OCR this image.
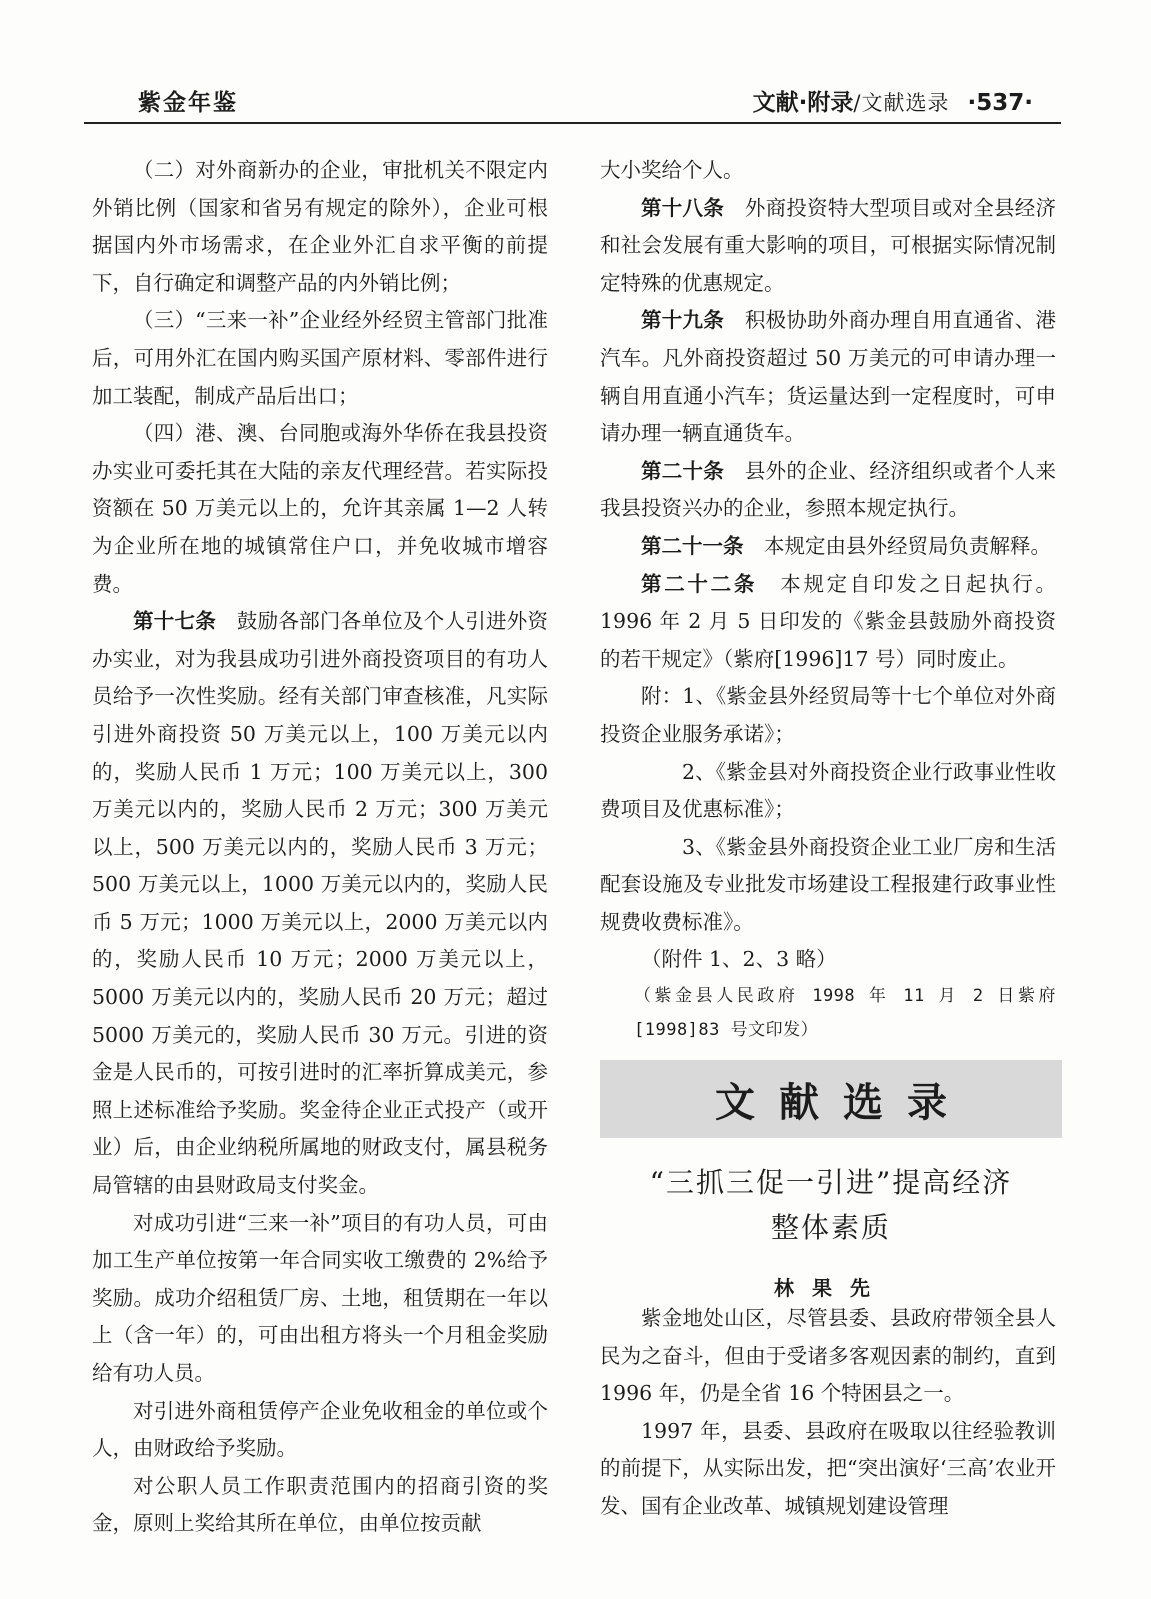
紫金年鉴	文献·附录/文献选录 ·537·

（二）对外商新办的企业，审批机关不限定内外销比例（国家和省另有规定的除外），企业可根据国内外市场需求，在企业外汇自求平衡的前提下，自行确定和调整产品的内外销比例；

（三）“三来一补”企业经外经贸主管部门批准后，可用外汇在国内购买国产原材料、零部件进行加工装配，制成产品后出口；

（四）港、澳、台同胞或海外华侨在我县投资办实业可委托其在大陆的亲友代理经营。若实际投资额在 50 万美元以上的，允许其亲属 1—2 人转为企业所在地的城镇常住户口，并免收城市增容费。

第十七条　鼓励各部门各单位及个人引进外资办实业，对为我县成功引进外商投资项目的有功人员给予一次性奖励。经有关部门审查核准，凡实际引进外商投资 50 万美元以上，100 万美元以内的，奖励人民币 1 万元；100 万美元以上，300 万美元以内的，奖励人民币 2 万元；300 万美元以上，500 万美元以内的，奖励人民币 3 万元；500 万美元以上，1000 万美元以内的，奖励人民币 5 万元；1000 万美元以上，2000 万美元以内的，奖励人民币 10 万元；2000 万美元以上，5000 万美元以内的，奖励人民币 20 万元；超过 5000 万美元的，奖励人民币 30 万元。引进的资金是人民币的，可按引进时的汇率折算成美元，参照上述标准给予奖励。奖金待企业正式投产（或开业）后，由企业纳税所属地的财政支付，属县税务局管辖的由县财政局支付奖金。

对成功引进“三来一补”项目的有功人员，可由加工生产单位按第一年合同实收工缴费的 2%给予奖励。成功介绍租赁厂房、土地，租赁期在一年以上（含一年）的，可由出租方将头一个月租金奖励给有功人员。

对引进外商租赁停产企业免收租金的单位或个人，由财政给予奖励。

对公职人员工作职责范围内的招商引资的奖金，原则上奖给其所在单位，由单位按贡献

大小奖给个人。

第十八条　外商投资特大型项目或对全县经济和社会发展有重大影响的项目，可根据实际情况制定特殊的优惠规定。

第十九条　积极协助外商办理自用直通省、港汽车。凡外商投资超过 50 万美元的可申请办理一辆自用直通小汽车；货运量达到一定程度时，可申请办理一辆直通货车。

第二十条　县外的企业、经济组织或者个人来我县投资兴办的企业，参照本规定执行。

第二十一条　本规定由县外经贸局负责解释。

第二十二条　本规定自印发之日起执行。1996 年 2 月 5 日印发的《紫金县鼓励外商投资的若干规定》（紫府[1996]17 号）同时废止。

附：1、《紫金县外经贸局等十七个单位对外商投资企业服务承诺》；

2、《紫金县对外商投资企业行政事业性收费项目及优惠标准》；

3、《紫金县外商投资企业工业厂房和生活配套设施及专业批发市场建设工程报建行政事业性规费收费标准》。

（附件 1、2、3 略）

（紫金县人民政府 1998 年 11 月 2 日紫府[1998]83 号文印发）

文献选录
“三抓三促一引进”提高经济
整体素质
林果先

紫金地处山区，尽管县委、县政府带领全县人民为之奋斗，但由于受诸多客观因素的制约，直到 1996 年，仍是全省 16 个特困县之一。

1997 年，县委、县政府在吸取以往经验教训的前提下，从实际出发，把“突出演好‘三高’农业开发、国有企业改革、城镇规划建设管理
